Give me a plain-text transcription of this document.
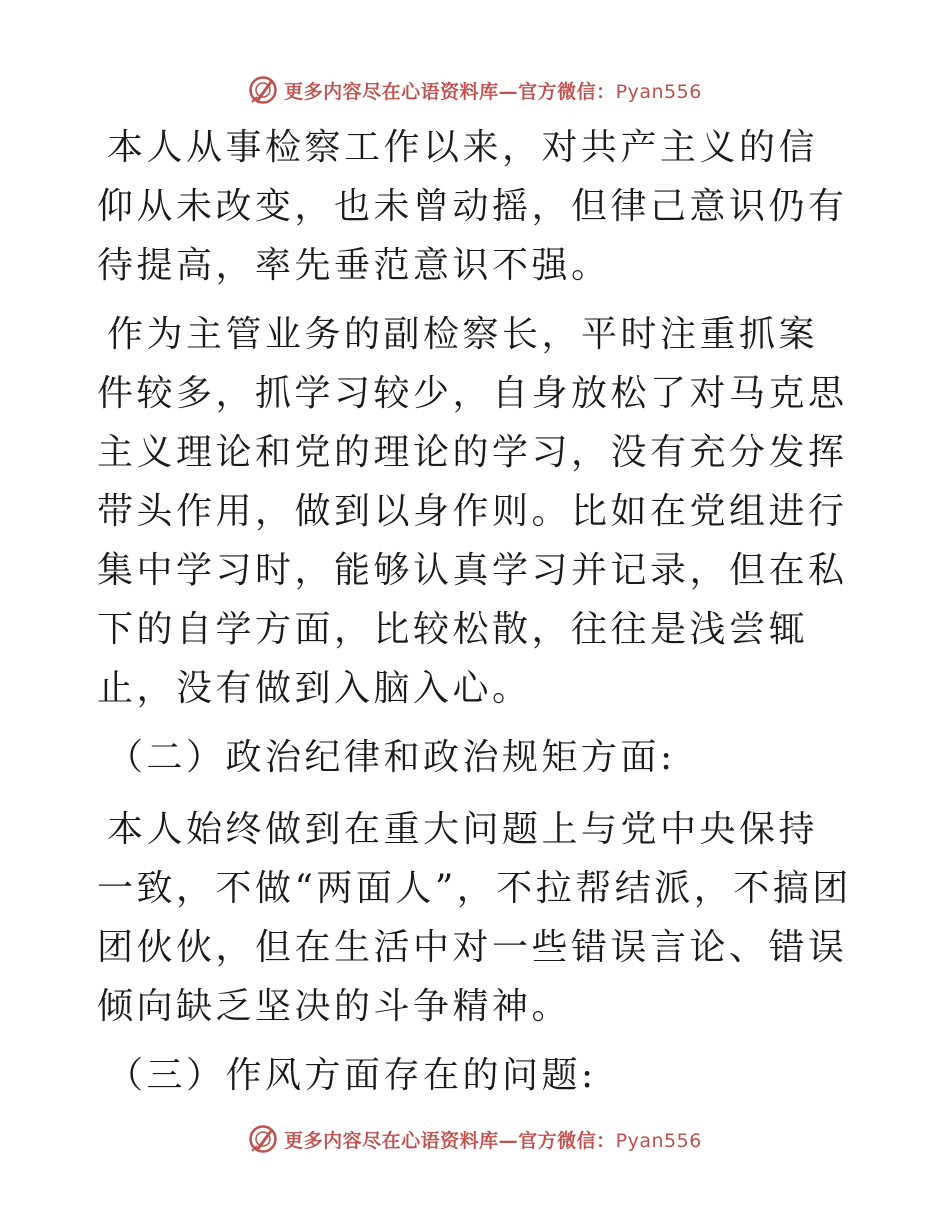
更多内容尽在心语资料库—官方微信：Pyan556

本人从事检察工作以来，对共产主义的信仰从未改变，也未曾动摇，但律己意识仍有待提高，率先垂范意识不强。

作为主管业务的副检察长，平时注重抓案件较多，抓学习较少，自身放松了对马克思主义理论和党的理论的学习，没有充分发挥带头作用，做到以身作则。比如在党组进行集中学习时，能够认真学习并记录，但在私下的自学方面，比较松散，往往是浅尝辄止，没有做到入脑入心。

（二）政治纪律和政治规矩方面:

本人始终做到在重大问题上与党中央保持一致，不做“两面人”，不拉帮结派，不搞团团伙伙，但在生活中对一些错误言论、错误倾向缺乏坚决的斗争精神。

（三）作风方面存在的问题:

更多内容尽在心语资料库—官方微信：Pyan556
